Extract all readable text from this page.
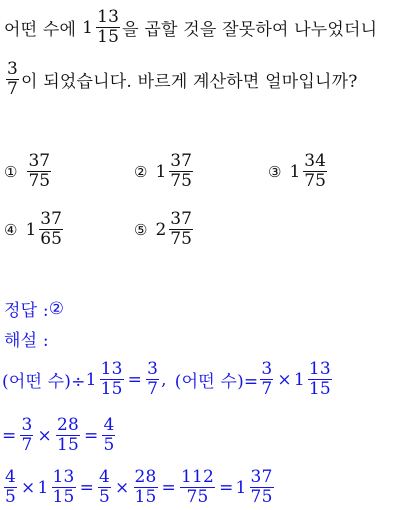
어떤 수에 $1 \frac{13}{15}$ 을 곱할 것을 잘못하여 나누었더니
$\frac{3}{7}$ 이 되었습니다. 바르게 계산하면 얼마입니까?
① $\frac{37}{75}$	② $1 \frac{37}{75}$	③ $1 \frac{34}{75}$
④ $1 \frac{37}{65}$	⑤ $2 \frac{37}{75}$
정답 : ②
해설 :
(어떤 수)÷ $1 \frac{13}{15} = \frac{3}{7}$ , (어떤 수)= $\frac{3}{7} \times 1 \frac{13}{15}$
= $\frac{3}{7} \times \frac{28}{15} = \frac{4}{5}$
$\frac{4}{5} \times 1 \frac{13}{15} = \frac{4}{5} \times \frac{28}{15} = \frac{112}{75} = 1 \frac{37}{75}$
